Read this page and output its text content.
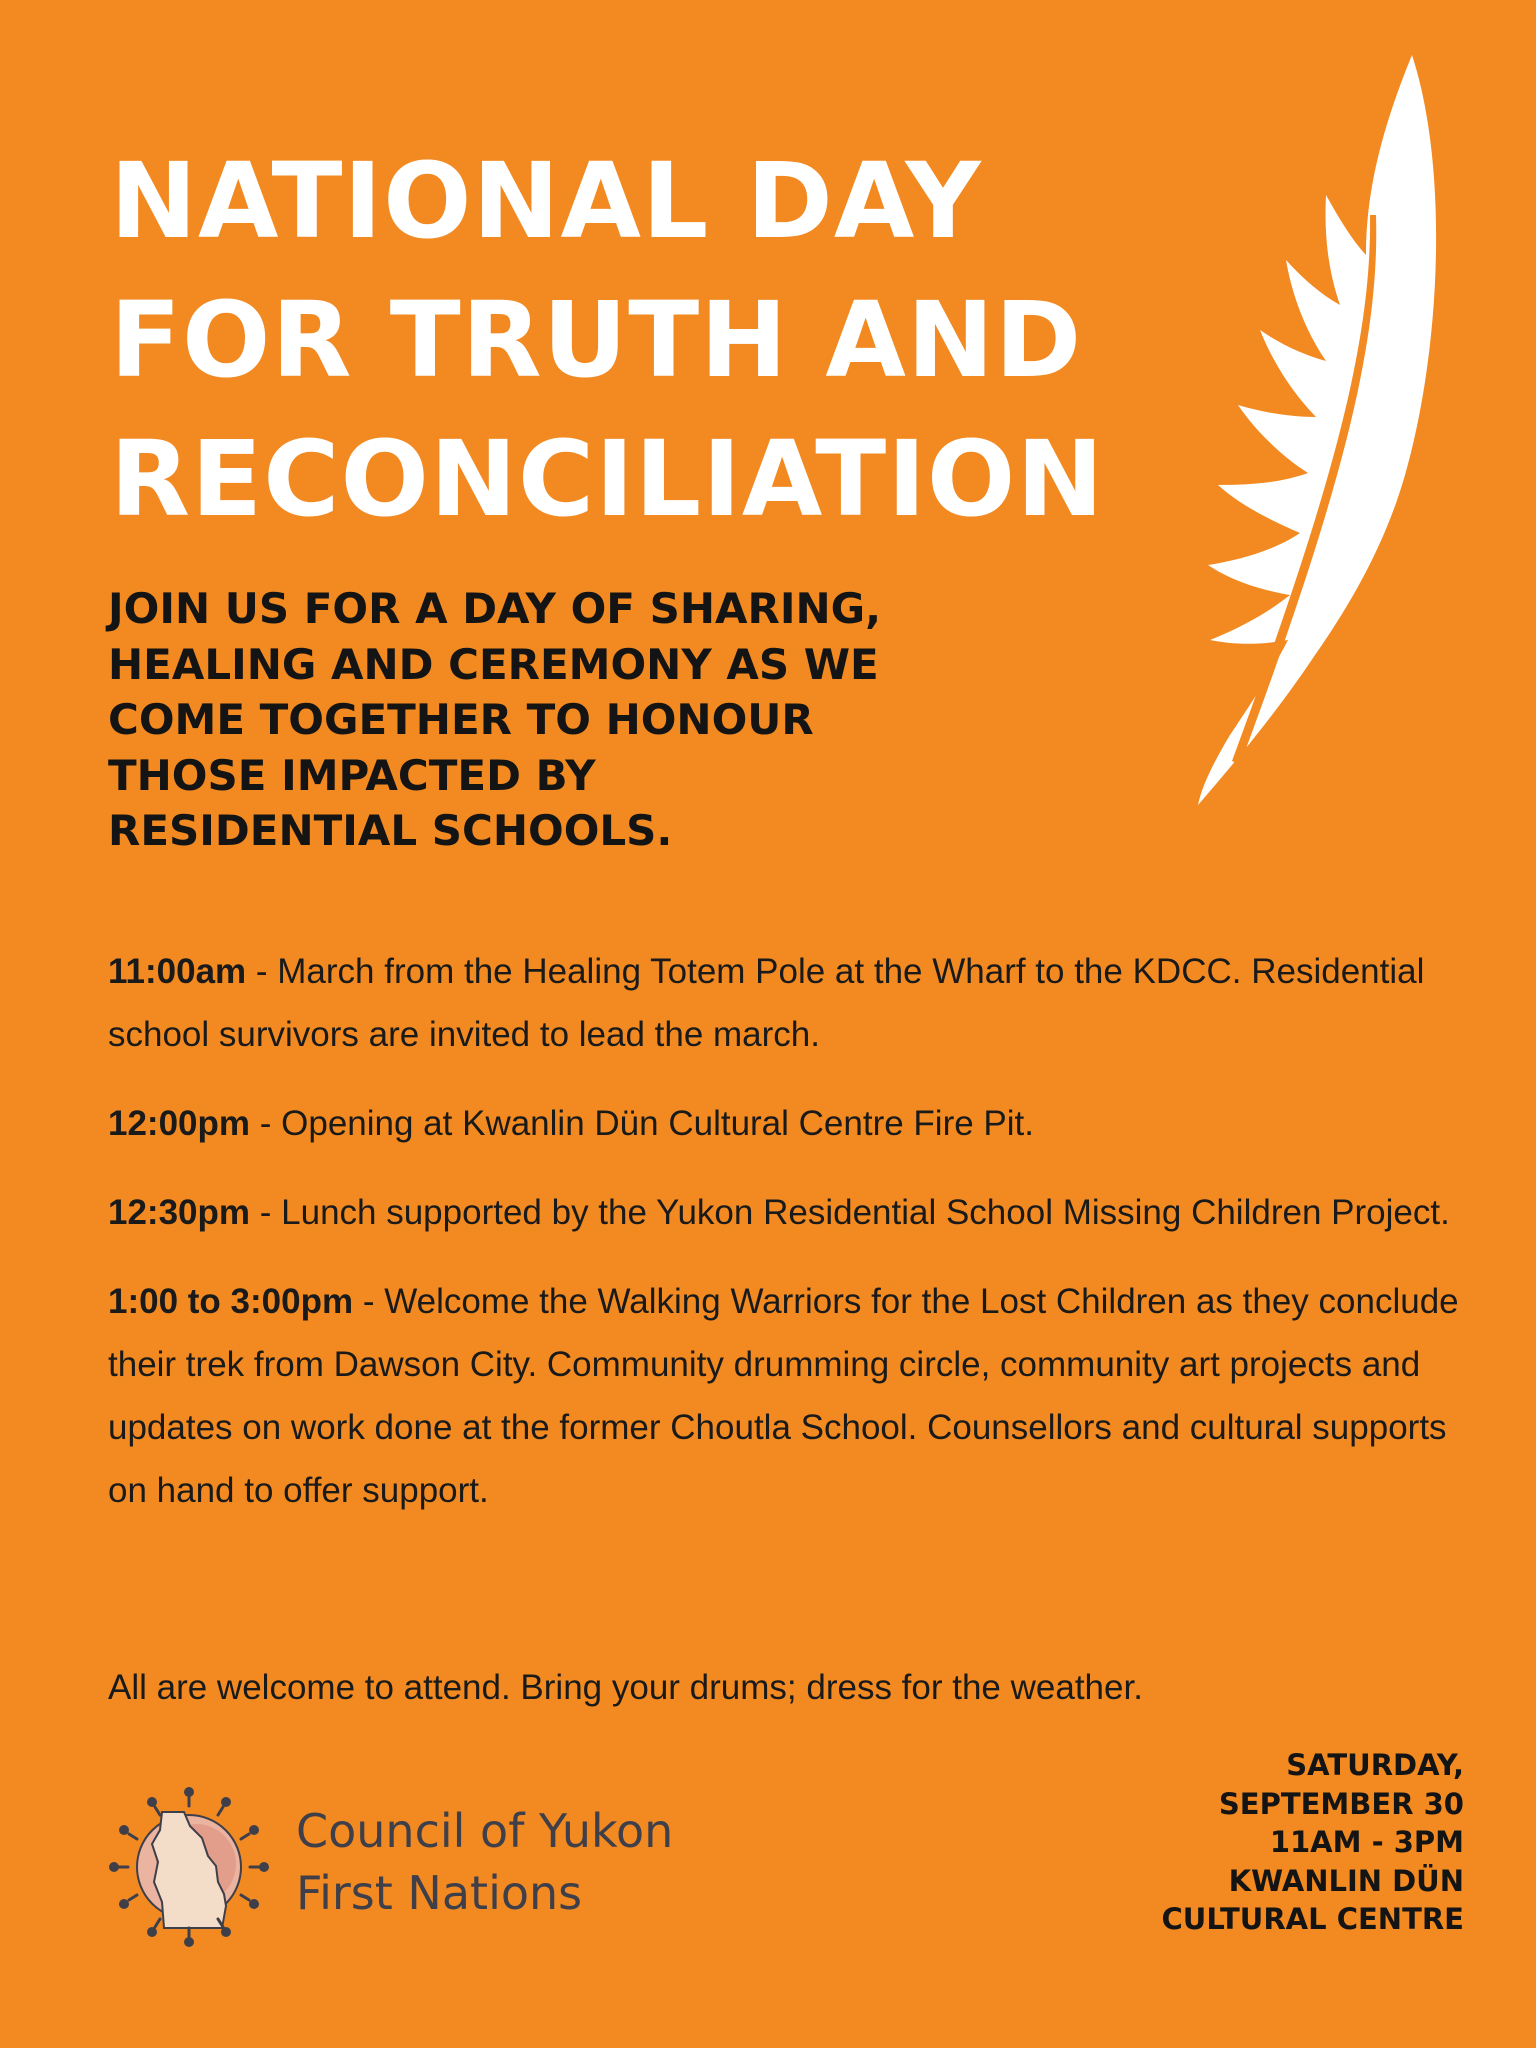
NATIONAL DAY
FOR TRUTH AND
RECONCILIATION
JOIN US FOR A DAY OF SHARING,
HEALING AND CEREMONY AS WE
COME TOGETHER TO HONOUR
THOSE IMPACTED BY
RESIDENTIAL SCHOOLS.

11:00am - March from the Healing Totem Pole at the Wharf to the KDCC. Residential school survivors are invited to lead the march.

12:00pm - Opening at Kwanlin Dün Cultural Centre Fire Pit.

12:30pm - Lunch supported by the Yukon Residential School Missing Children Project.

1:00 to 3:00pm - Welcome the Walking Warriors for the Lost Children as they conclude their trek from Dawson City. Community drumming circle, community art projects and updates on work done at the former Choutla School. Counsellors and cultural supports on hand to offer support.

All are welcome to attend. Bring your drums; dress for the weather.

Council of Yukon
First Nations
SATURDAY,
SEPTEMBER 30
11AM - 3PM
KWANLIN DÜN
CULTURAL CENTRE
